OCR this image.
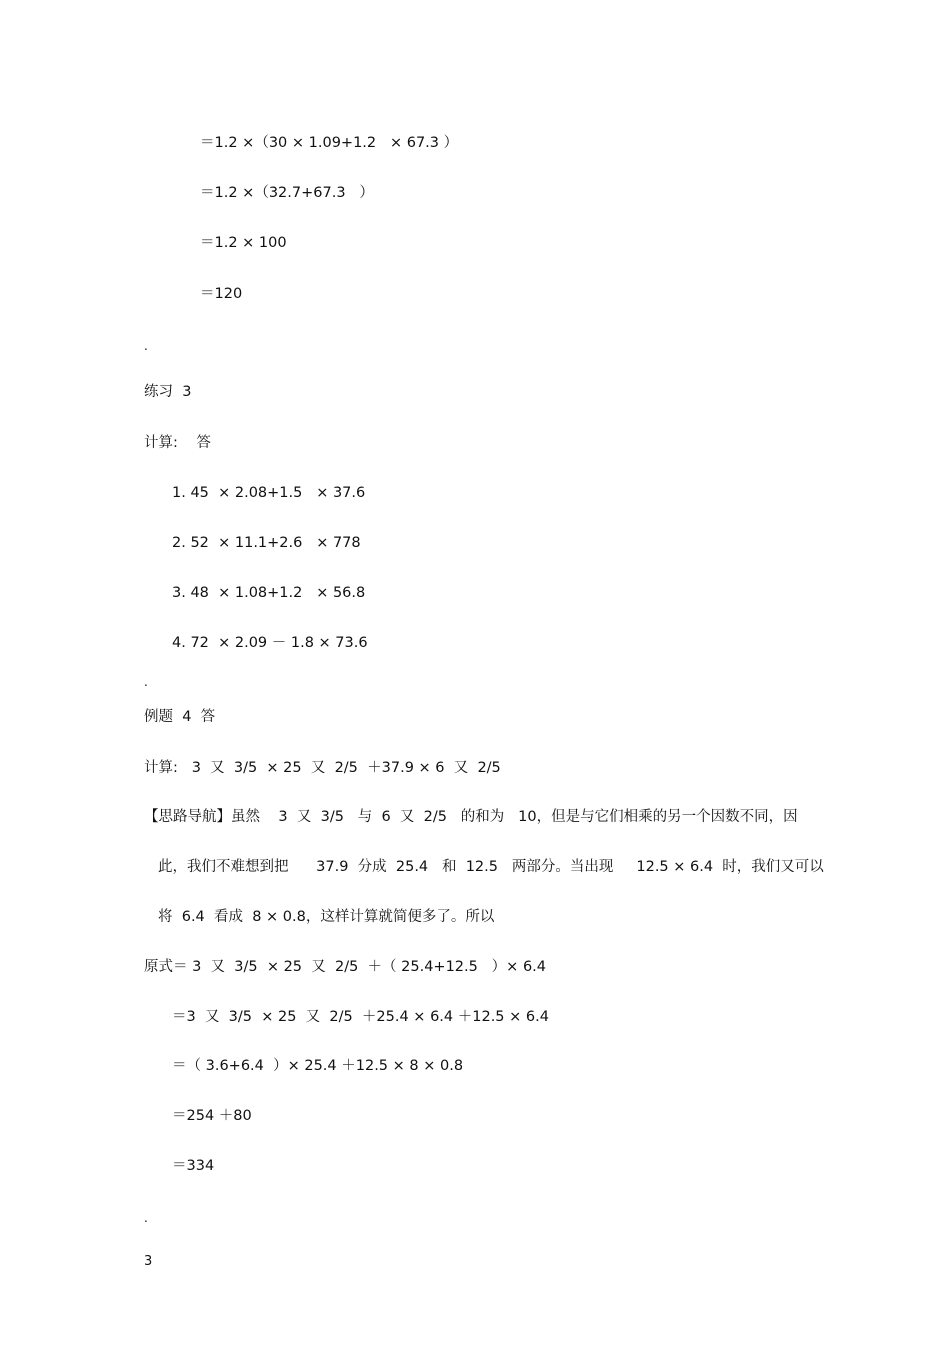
＝1.2 ×（30 × 1.09+1.2   × 67.3 ）
＝1.2 ×（32.7+67.3   ）
＝1.2 × 100
＝120
.
练习  3
计算:    答
1. 45  × 2.08+1.5   × 37.6
2. 52  × 11.1+2.6   × 778
3. 48  × 1.08+1.2   × 56.8
4. 72  × 2.09 － 1.8 × 73.6
.
例题  4  答
计算:   3  又  3/5  × 25  又  2/5  ＋37.9 × 6  又  2/5
【思路导航】虽然    3  又  3/5   与  6  又  2/5   的和为   10，但是与它们相乘的另一个因数不同，因
此，我们不难想到把      37.9  分成  25.4   和  12.5   两部分。当出现     12.5 × 6.4  时，我们又可以
将  6.4  看成  8 × 0.8，这样计算就简便多了。所以
原式＝ 3  又  3/5  × 25  又  2/5  ＋（ 25.4+12.5   ）× 6.4
＝3  又  3/5  × 25  又  2/5  ＋25.4 × 6.4 ＋12.5 × 6.4
＝（ 3.6+6.4  ）× 25.4 ＋12.5 × 8 × 0.8
＝254 ＋80
＝334
.
3
